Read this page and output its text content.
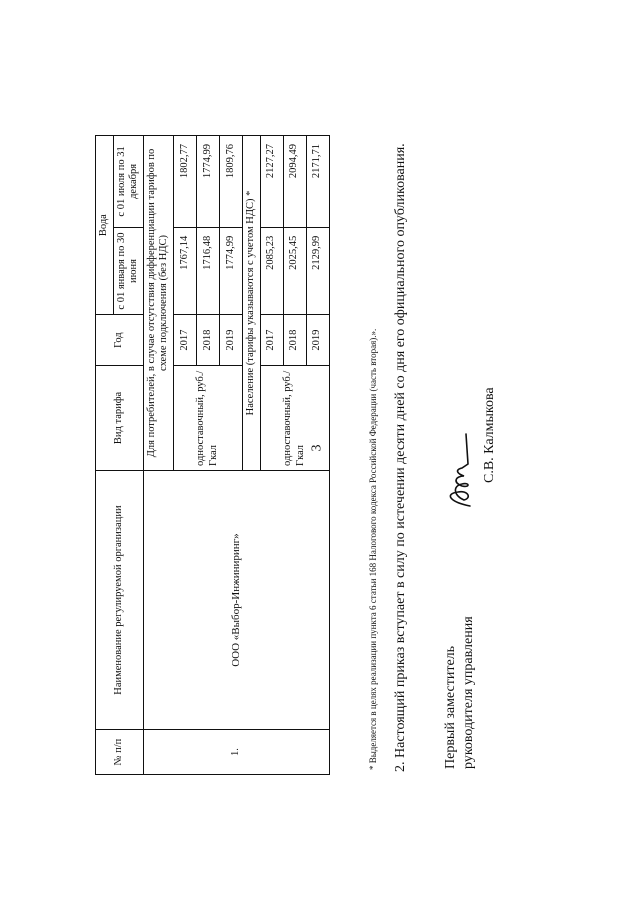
3
№ п/п	Наименование регулируемой организации	Вид тарифа	Год	Вода	
				с 01 января по 30 июня	с 01 июля по 31 декабря
1.	ООО «Выбор-Инжиниринг»	Для потребителей, в случае отсутствия дифференциации тарифов по схеме подключения (без НДС)			
		одноставочный, руб./Гкал	2017	1767,14	1802,77
			2018	1716,48	1774,99
			2019	1774,99	1809,76
		Население (тарифы указываются с учетом НДС) *			
		одноставочный, руб./Гкал	2017	2085,23	2127,27
			2018	2025,45	2094,49
			2019	2129,99	2171,71
* Выделяется в целях реализации пункта 6 статьи 168 Налогового кодекса Российской Федерации (часть вторая).». 2. Настоящий приказ вступает в силу по истечении десяти дней со дня его официального опубликования.	Первый заместитель руководителя управления
С.В. Калмыкова
